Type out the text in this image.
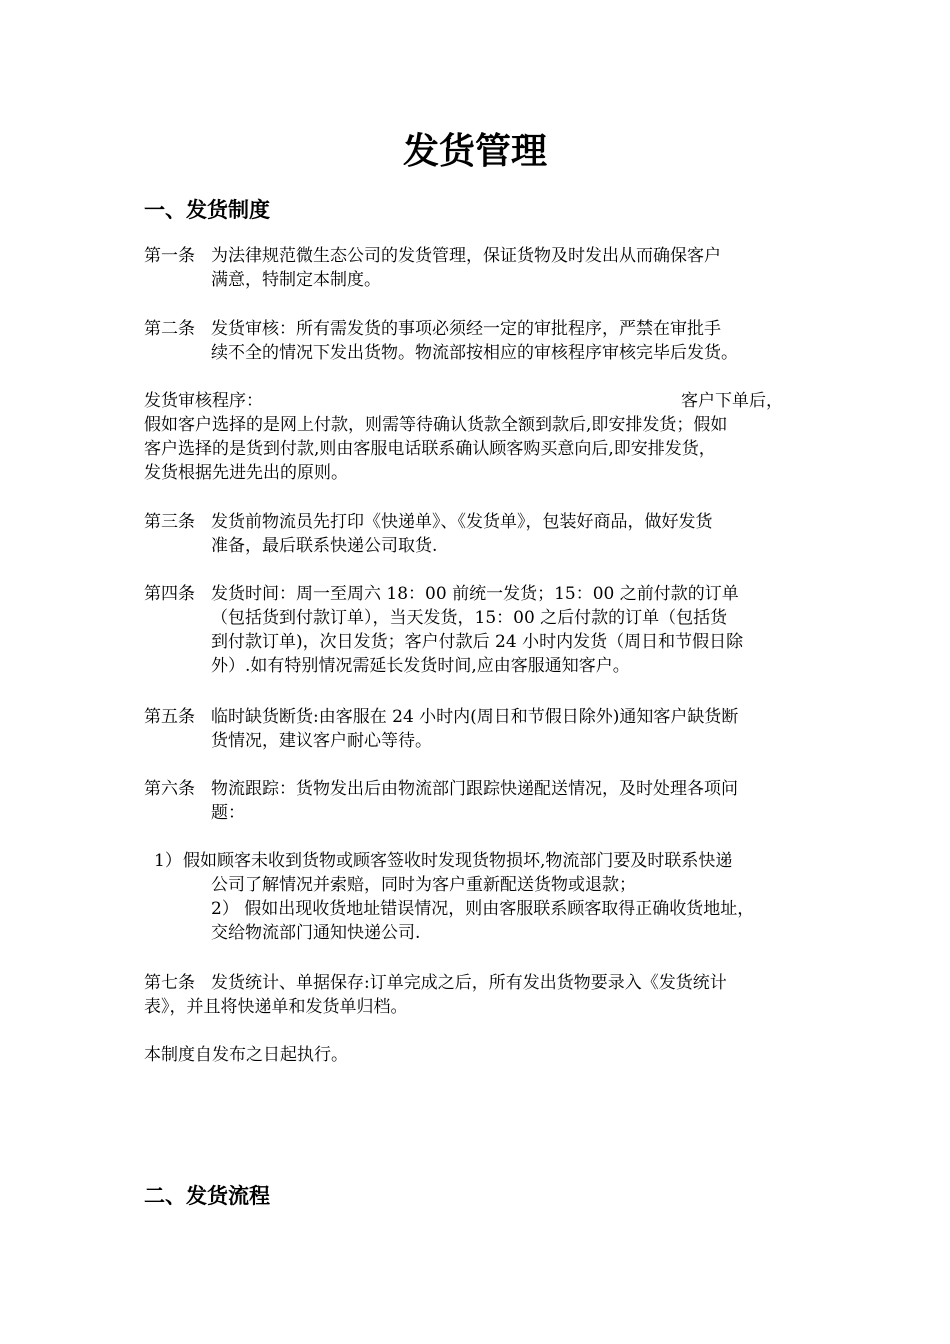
发货管理
一、发货制度
第一条 为法律规范微生态公司的发货管理，保证货物及时发出从而确保客户
满意，特制定本制度。
第二条 发货审核：所有需发货的事项必须经一定的审批程序，严禁在审批手
续不全的情况下发出货物。物流部按相应的审核程序审核完毕后发货。
发货审核程序：	客户下单后，
假如客户选择的是网上付款，则需等待确认货款全额到款后,即安排发货；假如
客户选择的是货到付款,则由客服电话联系确认顾客购买意向后,即安排发货，
发货根据先进先出的原则。
第三条 发货前物流员先打印《快递单》、《发货单》，包装好商品，做好发货
准备，最后联系快递公司取货.
第四条 发货时间：周一至周六 18：00 前统一发货；15：00 之前付款的订单
（包括货到付款订单），当天发货，15：00 之后付款的订单（包括货
到付款订单)，次日发货；客户付款后 24 小时内发货（周日和节假日除
外）.如有特别情况需延长发货时间,应由客服通知客户。
第五条 临时缺货断货:由客服在 24 小时内(周日和节假日除外)通知客户缺货断
货情况，建议客户耐心等待。
第六条 物流跟踪：货物发出后由物流部门跟踪快递配送情况，及时处理各项问
题：
1）假如顾客未收到货物或顾客签收时发现货物损坏,物流部门要及时联系快递
公司了解情况并索赔，同时为客户重新配送货物或退款；
2） 假如出现收货地址错误情况，则由客服联系顾客取得正确收货地址，
交给物流部门通知快递公司.
第七条 发货统计、单据保存:订单完成之后，所有发出货物要录入《发货统计
表》，并且将快递单和发货单归档。

本制度自发布之日起执行。

二、发货流程
